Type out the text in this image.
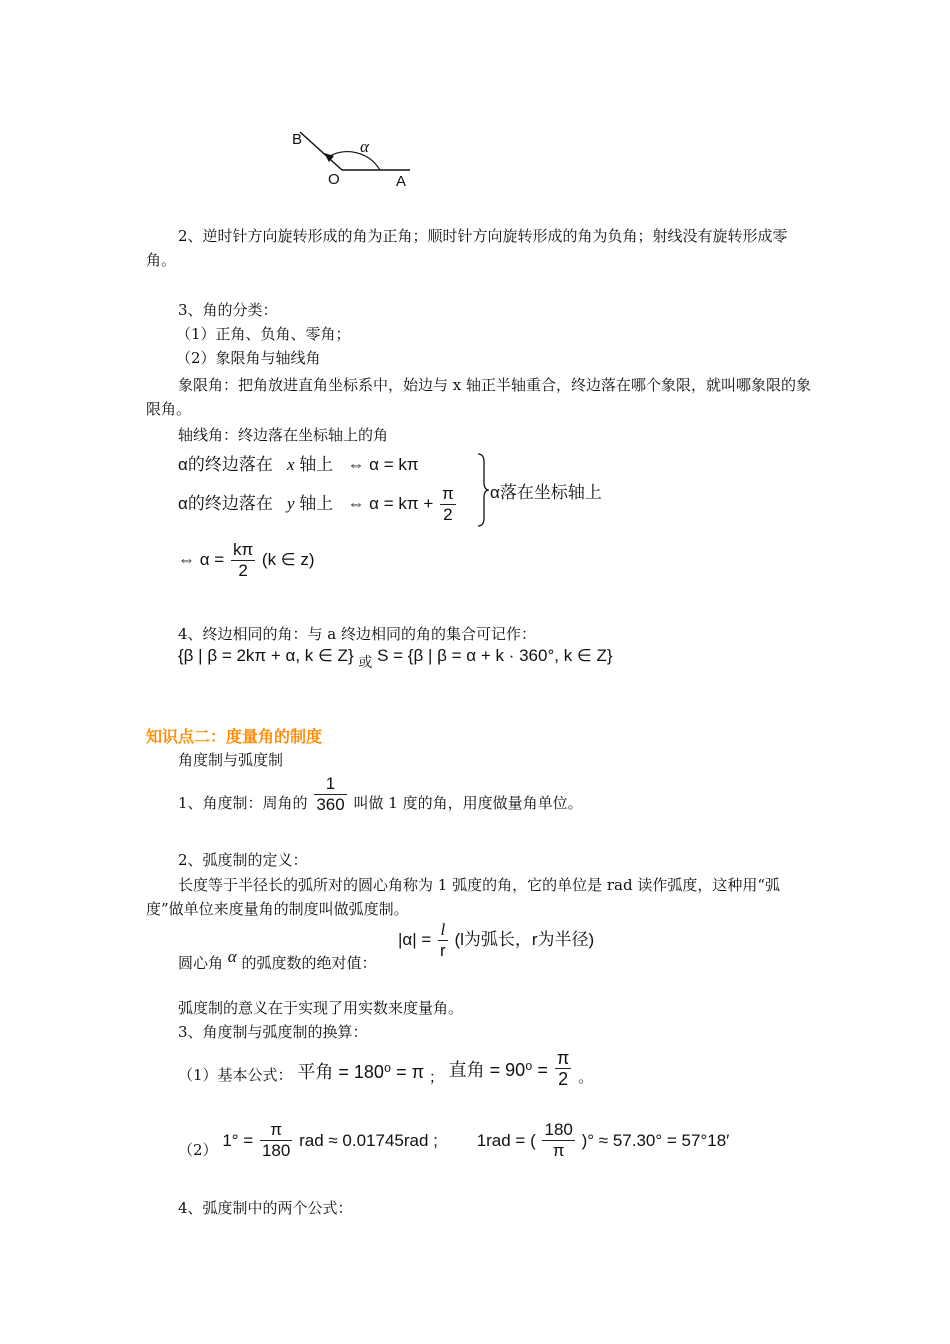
B
O	A
α
2、逆时针方向旋转形成的角为正角；顺时针方向旋转形成的角为负角；射线没有旋转形成零角。
3、角的分类：
（1）正角、负角、零角；
（2）象限角与轴线角
象限角：把角放进直角坐标系中，始边与 x 轴正半轴重合，终边落在哪个象限，就叫哪象限的象限角。
轴线角：终边落在坐标轴上的角
α的终边落在 x 轴上 ⇔ α = kπ
α的终边落在 y 轴上 ⇔ $\alpha = k\pi + \frac{\pi}{2}$ α落在坐标轴上
⇔ $\alpha = \frac{k\pi}{2} (k$ ∈ z)
4、终边相同的角：与 a 终边相同的角的集合可记作：
{β | β = 2kπ + α, k ∈ Z} $_或$ S = {β | β = α + k · 360°, k ∈ Z}
知识点二：度量角的制度
角度制与弧度制
1、角度制：周角的 $\frac{1}{360}$ 叫做 1 度的角，用度做量角单位。
2、弧度制的定义：
长度等于半径长的弧所对的圆心角称为 1 弧度的角，它的单位是 rad 读作弧度，这种用“弧度”做单位来度量角的制度叫做弧度制。
圆心角 α 的弧度数的绝对值：
$|\alpha| = \frac{l}{r} (l$为弧长，r为半径)
弧度制的意义在于实现了用实数来度量角。
3、角度制与弧度制的换算：
（1）基本公式： 平角 = 180⁰ = π ； 直角 = $90^0 = \frac{\pi}{2}$ 。
（2） $1^\circ = \frac{\pi}{180}$ rad ≈ 0.01745rad ; 1rad = ( $\frac{180}{\pi}$ )° ≈ 57.30° = 57°18′
4、弧度制中的两个公式：
